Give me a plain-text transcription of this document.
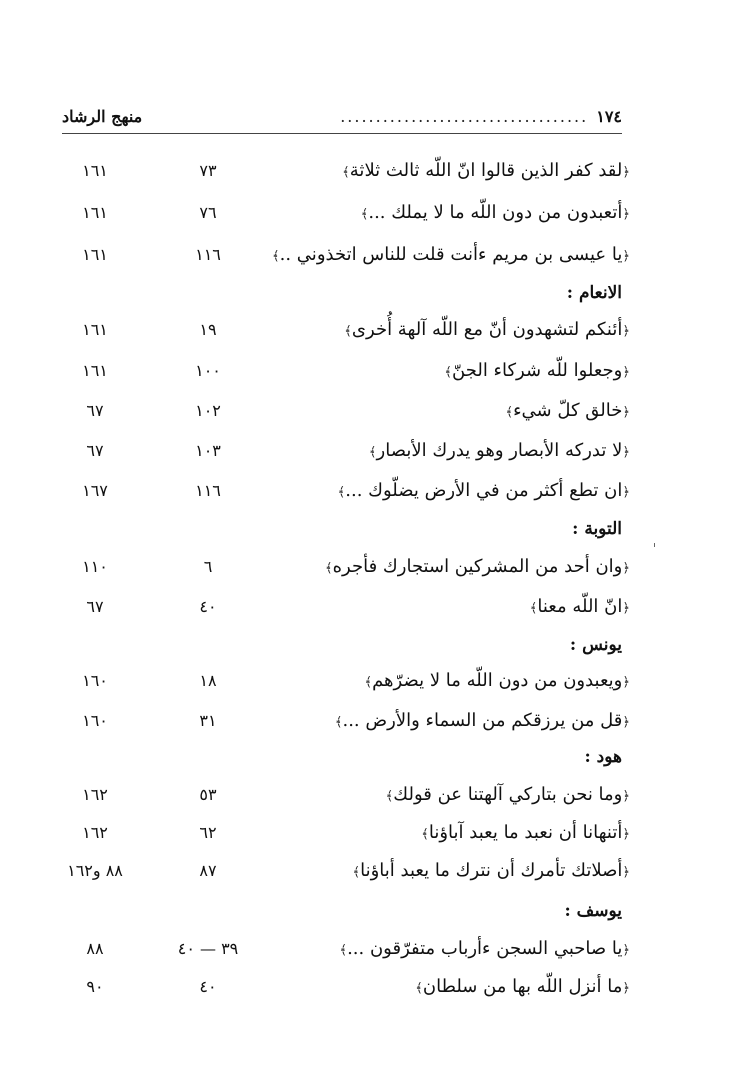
١٧٤
...................................
منهج الرشاد
﴿لقد كفر الذين قالوا انّ اللّه ثالث ثلاثة﴾
٧٣
١٦١
﴿أتعبدون من دون اللّه ما لا يملك ...﴾
٧٦
١٦١
﴿يا عيسى بن مريم ءأنت قلت للناس اتخذوني ..﴾
١١٦
١٦١
الانعام :
﴿أئنكم لتشهدون أنّ مع اللّه آلهة أُخرى﴾
١٩
١٦١
﴿وجعلوا للّه شركاء الجنّ﴾
١٠٠
١٦١
﴿خالق كلّ شيء﴾
١٠٢
٦٧
﴿لا تدركه الأبصار وهو يدرك الأبصار﴾
١٠٣
٦٧
﴿ان تطع أكثر من في الأرض يضلّوك ...﴾
١١٦
١٦٧
التوبة :
﴿وان أحد من المشركين استجارك فأجره﴾
٦
١١٠
﴿انّ اللّه معنا﴾
٤٠
٦٧
يونس :
﴿ويعبدون من دون اللّه ما لا يضرّهم﴾
١٨
١٦٠
﴿قل من يرزقكم من السماء والأرض ...﴾
٣١
١٦٠
هود :
﴿وما نحن بتاركي آلهتنا عن قولك﴾
٥٣
١٦٢
﴿أتنهانا أن نعبد ما يعبد آباؤنا﴾
٦٢
١٦٢
﴿أصلاتك تأمرك أن نترك ما يعبد أباؤنا﴾
٨٧
٨٨ و١٦٢
يوسف :
﴿يا صاحبي السجن ءأرباب متفرّقون ...﴾
٣٩ — ٤٠
٨٨
﴿ما أنزل اللّه بها من سلطان﴾
٤٠
٩٠
